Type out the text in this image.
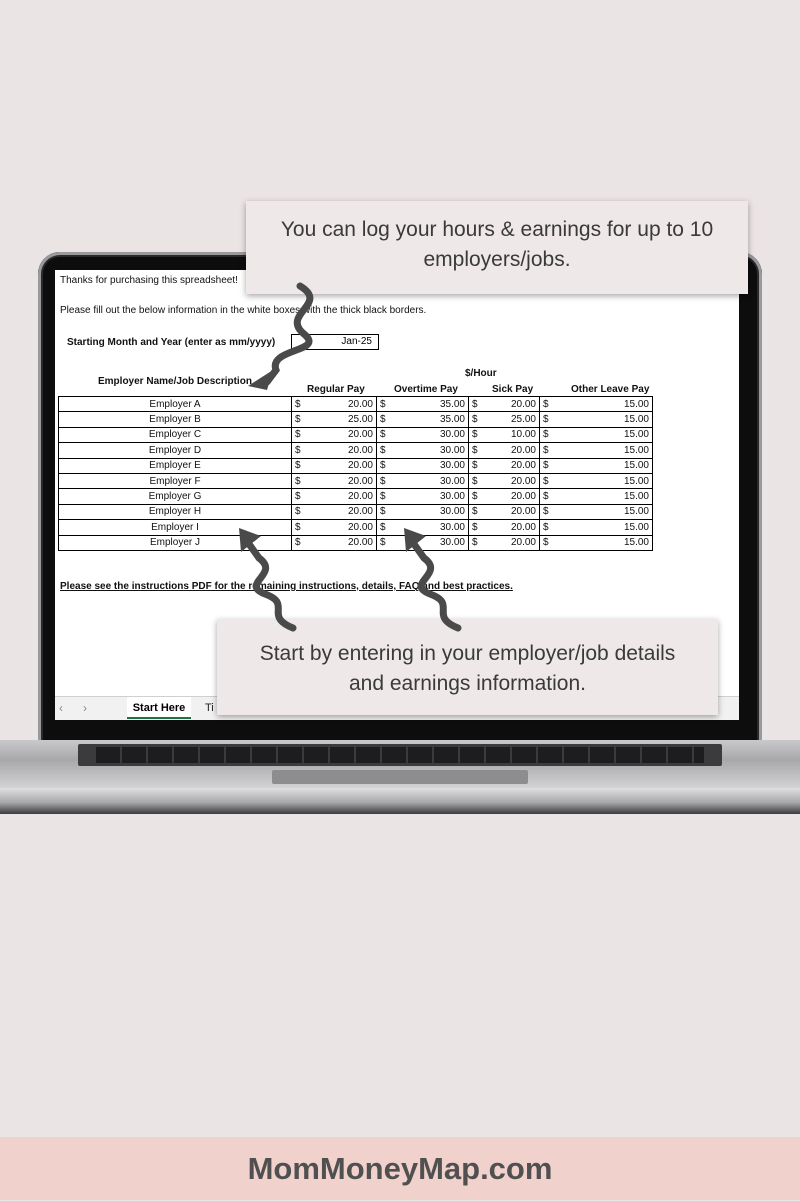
Thanks for purchasing this spreadsheet!
Please fill out the below information in the white boxes with the thick black borders.
Starting Month and Year (enter as mm/yyyy)	Jan-25
Employer Name/Job Description
$/Hour
Regular Pay	Overtime Pay	Sick Pay	Other Leave Pay
Employer A	$ 20.00	$ 35.00	$ 20.00	$ 15.00
Employer B	$ 25.00	$ 35.00	$ 25.00	$ 15.00
Employer C	$ 20.00	$ 30.00	$ 10.00	$ 15.00
Employer D	$ 20.00	$ 30.00	$ 20.00	$ 15.00
Employer E	$ 20.00	$ 30.00	$ 20.00	$ 15.00
Employer F	$ 20.00	$ 30.00	$ 20.00	$ 15.00
Employer G	$ 20.00	$ 30.00	$ 20.00	$ 15.00
Employer H	$ 20.00	$ 30.00	$ 20.00	$ 15.00
Employer I	$ 20.00	$ 30.00	$ 20.00	$ 15.00
Employer J	$ 20.00	$ 30.00	$ 20.00	$ 15.00
Please see the instructions PDF for the remaining instructions, details, FAQ and best practices.
‹ ›	Start Here	Ti
You can log your hours & earnings for up to 10 employers/jobs.
Start by entering in your employer/job details and earnings information.
MomMoneyMap.com
